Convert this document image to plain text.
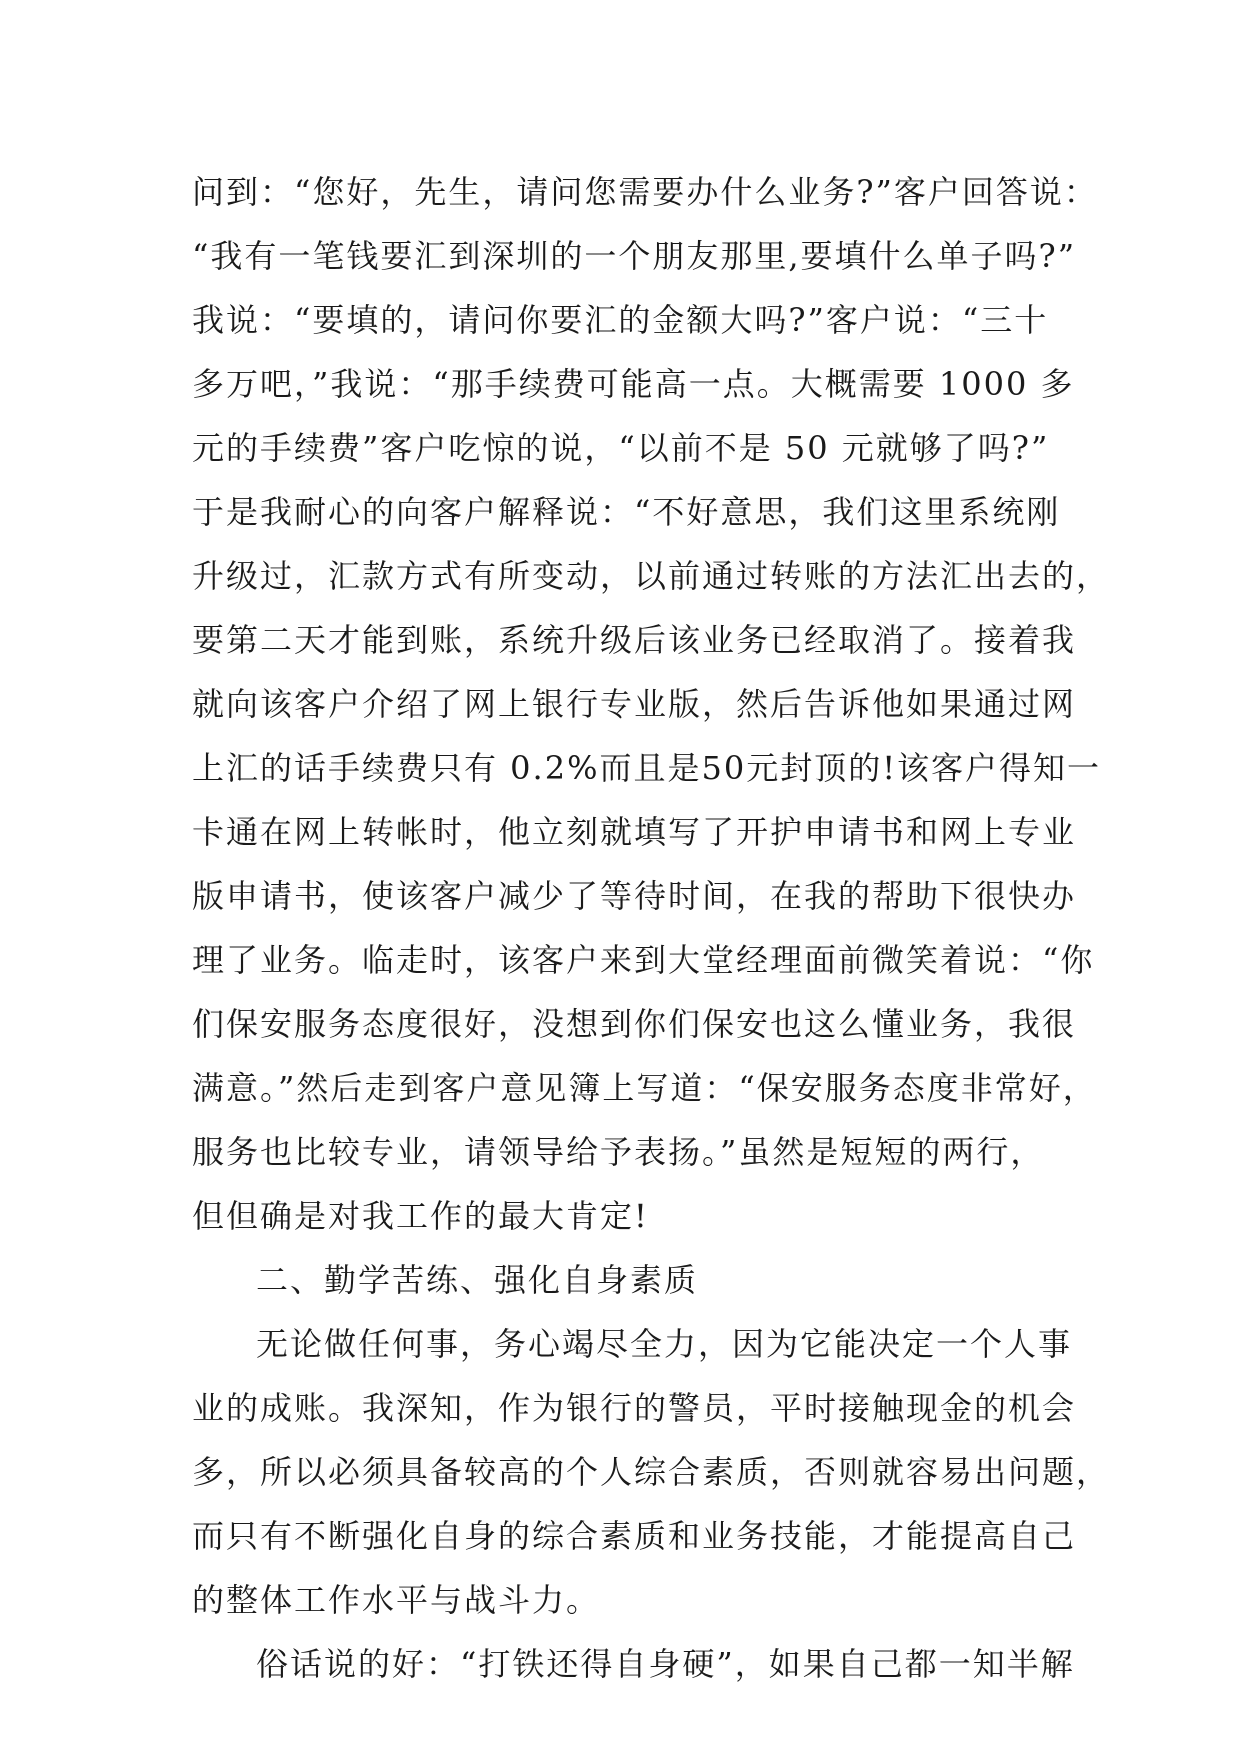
问到：“您好，先生，请问您需要办什么业务?”客户回答说：
“我有一笔钱要汇到深圳的一个朋友那里,要填什么单子吗?”
我说：“要填的，请问你要汇的金额大吗?”客户说：“三十
多万吧，”我说：“那手续费可能高一点。大概需要 1000 多
元的手续费”客户吃惊的说，“以前不是 50 元就够了吗?”
于是我耐心的向客户解释说：“不好意思，我们这里系统刚
升级过，汇款方式有所变动，以前通过转账的方法汇出去的，
要第二天才能到账，系统升级后该业务已经取消了。接着我
就向该客户介绍了网上银行专业版，然后告诉他如果通过网
上汇的话手续费只有 0.2%而且是50元封顶的!该客户得知一
卡通在网上转帐时，他立刻就填写了开护申请书和网上专业
版申请书，使该客户减少了等待时间，在我的帮助下很快办
理了业务。临走时，该客户来到大堂经理面前微笑着说：“你
们保安服务态度很好，没想到你们保安也这么懂业务，我很
满意。”然后走到客户意见簿上写道：“保安服务态度非常好，
服务也比较专业，请领导给予表扬。”虽然是短短的两行，
但但确是对我工作的最大肯定!
二、勤学苦练、强化自身素质
无论做任何事，务心竭尽全力，因为它能决定一个人事
业的成账。我深知，作为银行的警员，平时接触现金的机会
多，所以必须具备较高的个人综合素质，否则就容易出问题，
而只有不断强化自身的综合素质和业务技能，才能提高自己
的整体工作水平与战斗力。
俗话说的好：“打铁还得自身硬”，如果自己都一知半解
